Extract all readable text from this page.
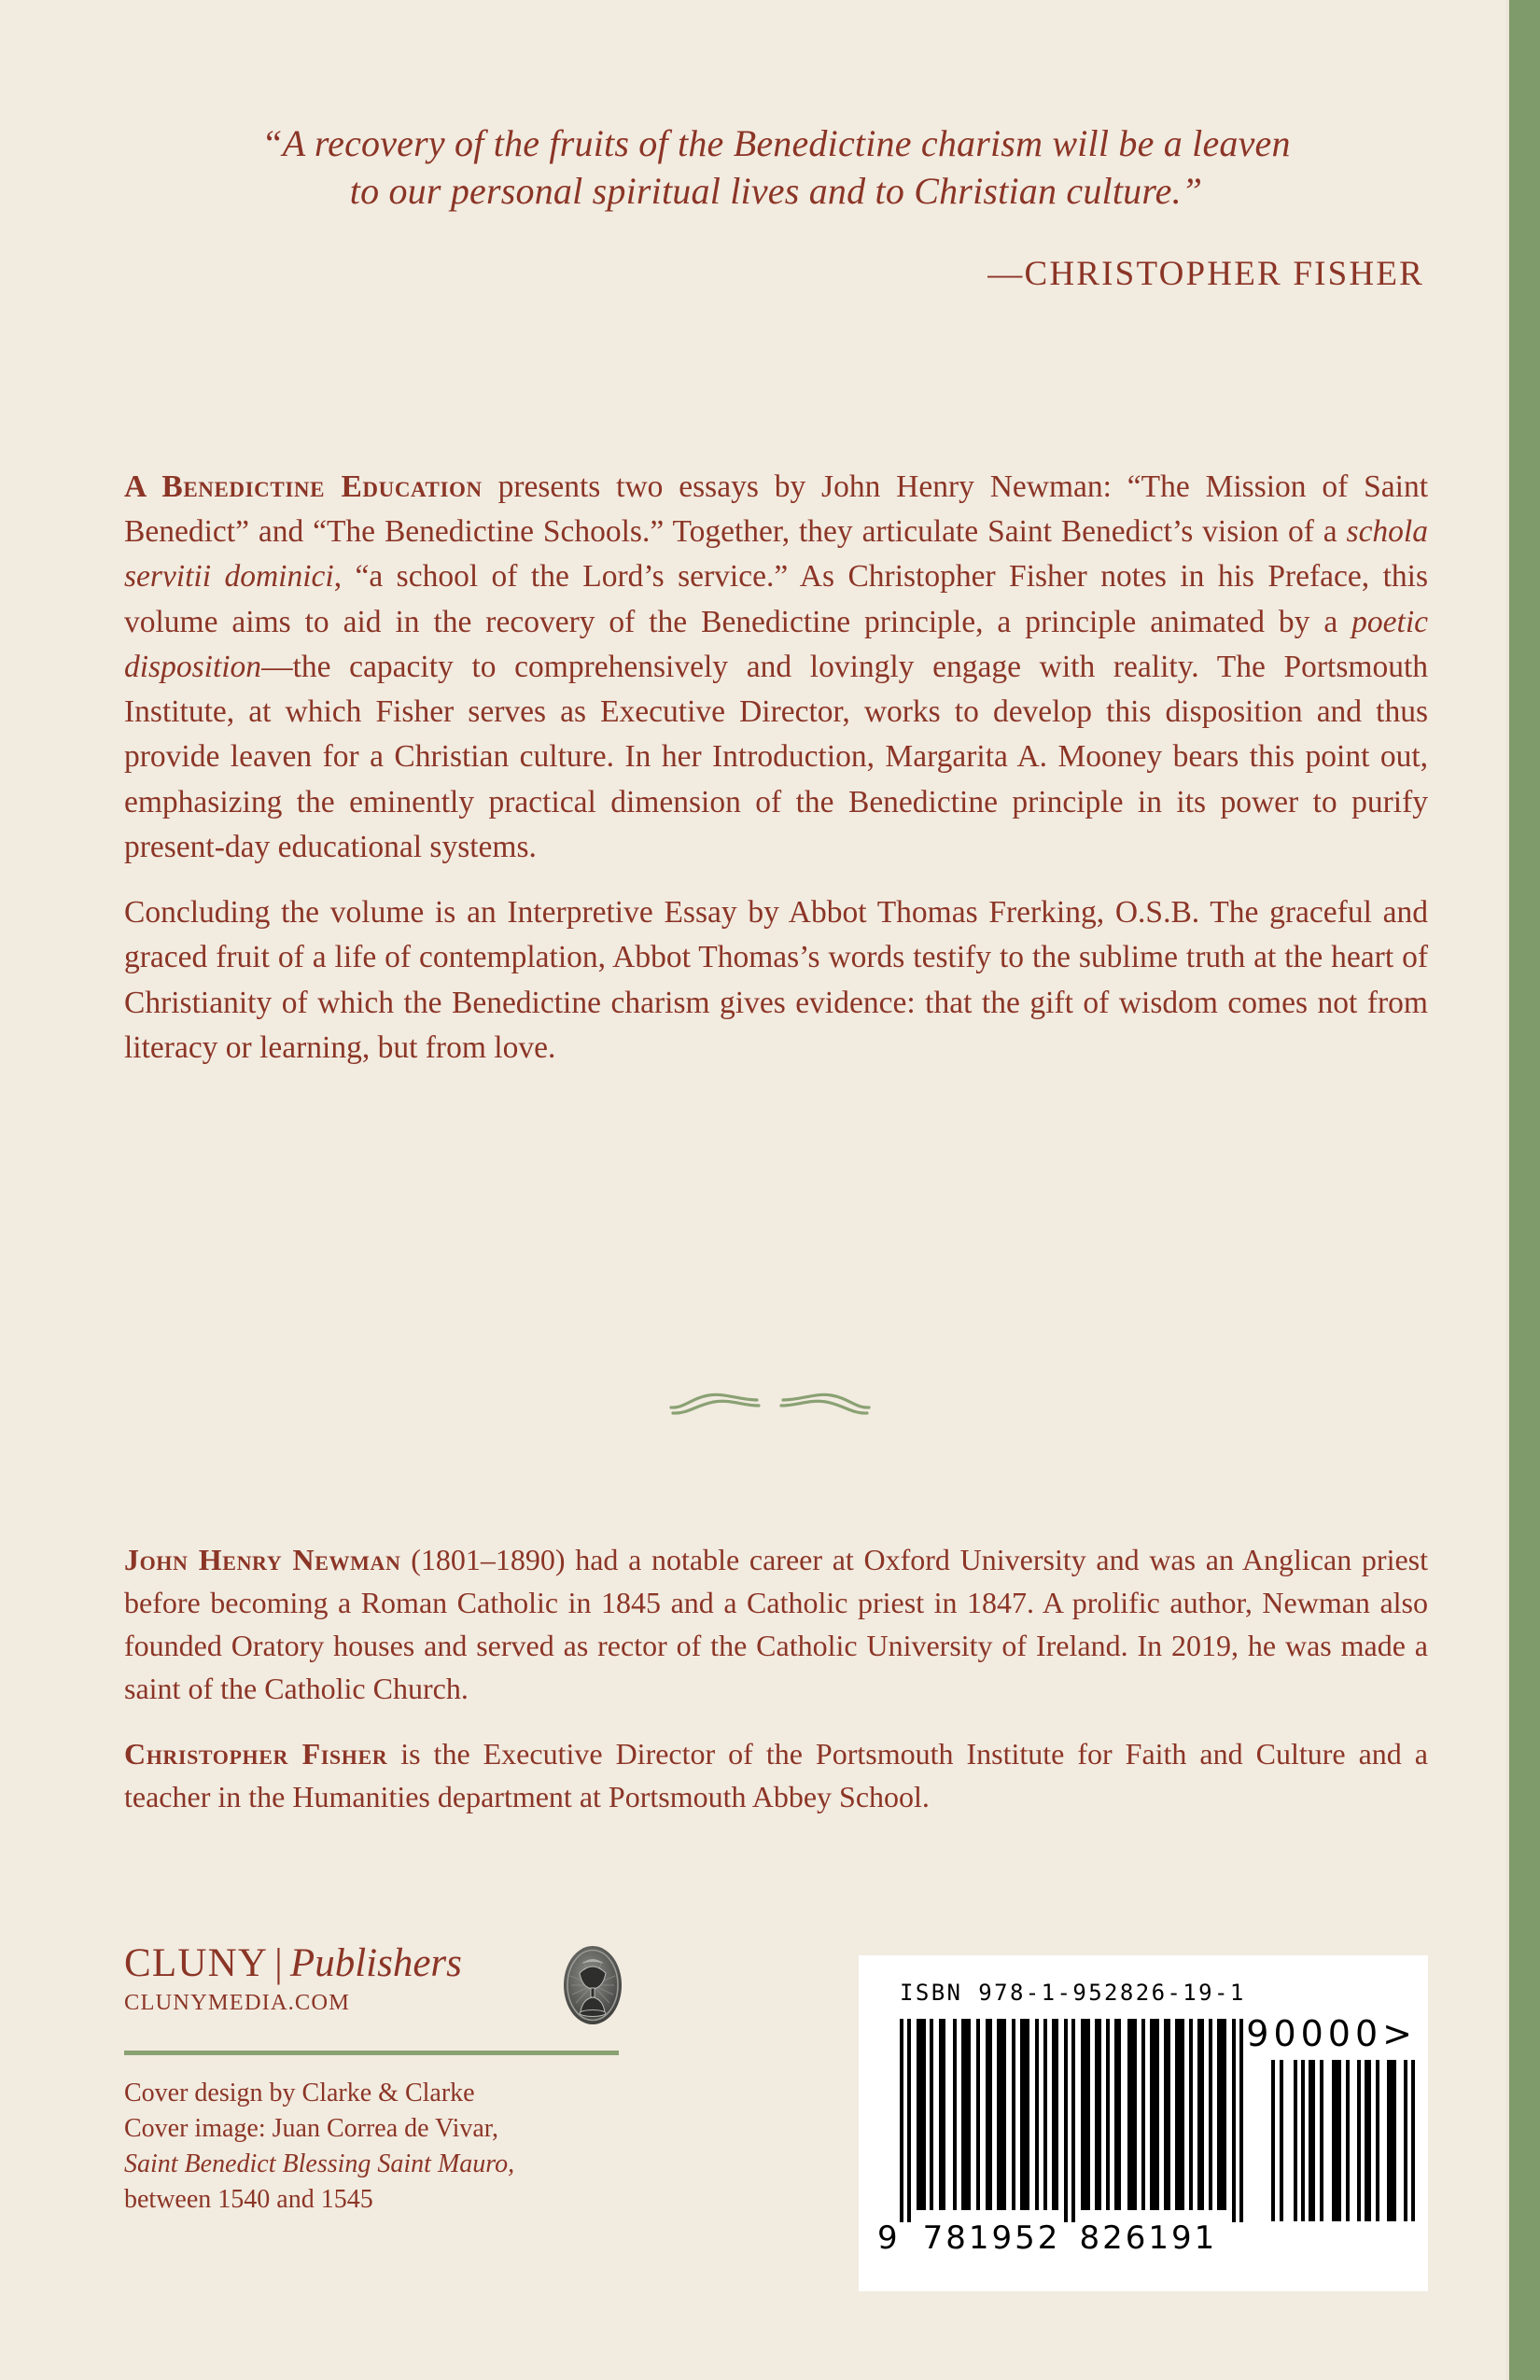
“A recovery of the fruits of the Benedictine charism will be a leaven
to our personal spiritual lives and to Christian culture.”
—CHRISTOPHER FISHER

A Benedictine Education presents two essays by John Henry Newman: “The Mission of Saint Benedict” and “The Benedictine Schools.” Together, they articulate Saint Benedict’s vision of a schola servitii dominici, “a school of the Lord’s service.” As Christopher Fisher notes in his Preface, this volume aims to aid in the recovery of the Benedictine principle, a principle animated by a poetic disposition—the capacity to comprehensively and lovingly engage with reality. The Portsmouth Institute, at which Fisher serves as Executive Director, works to develop this disposition and thus provide leaven for a Christian culture. In her Introduction, Margarita A. Mooney bears this point out, emphasizing the eminently practical dimension of the Benedictine principle in its power to purify present-day educational systems.

Concluding the volume is an Interpretive Essay by Abbot Thomas Frerking, O.S.B. The graceful and graced fruit of a life of contemplation, Abbot Thomas’s words testify to the sublime truth at the heart of Christianity of which the Benedictine charism gives evidence: that the gift of wisdom comes not from literacy or learning, but from love.

John Henry Newman (1801–1890) had a notable career at Oxford University and was an Anglican priest before becoming a Roman Catholic in 1845 and a Catholic priest in 1847. A prolific author, Newman also founded Oratory houses and served as rector of the Catholic University of Ireland. In 2019, he was made a saint of the Catholic Church.

Christopher Fisher is the Executive Director of the Portsmouth Institute for Faith and Culture and a teacher in the Humanities department at Portsmouth Abbey School.

CLUNY | Publishers
CLUNYMEDIA.COM
Cover design by Clarke & Clarke
Cover image: Juan Correa de Vivar,
Saint Benedict Blessing Saint Mauro,
between 1540 and 1545
ISBN 978-1-952826-19-1
90000>
9 781952 826191
